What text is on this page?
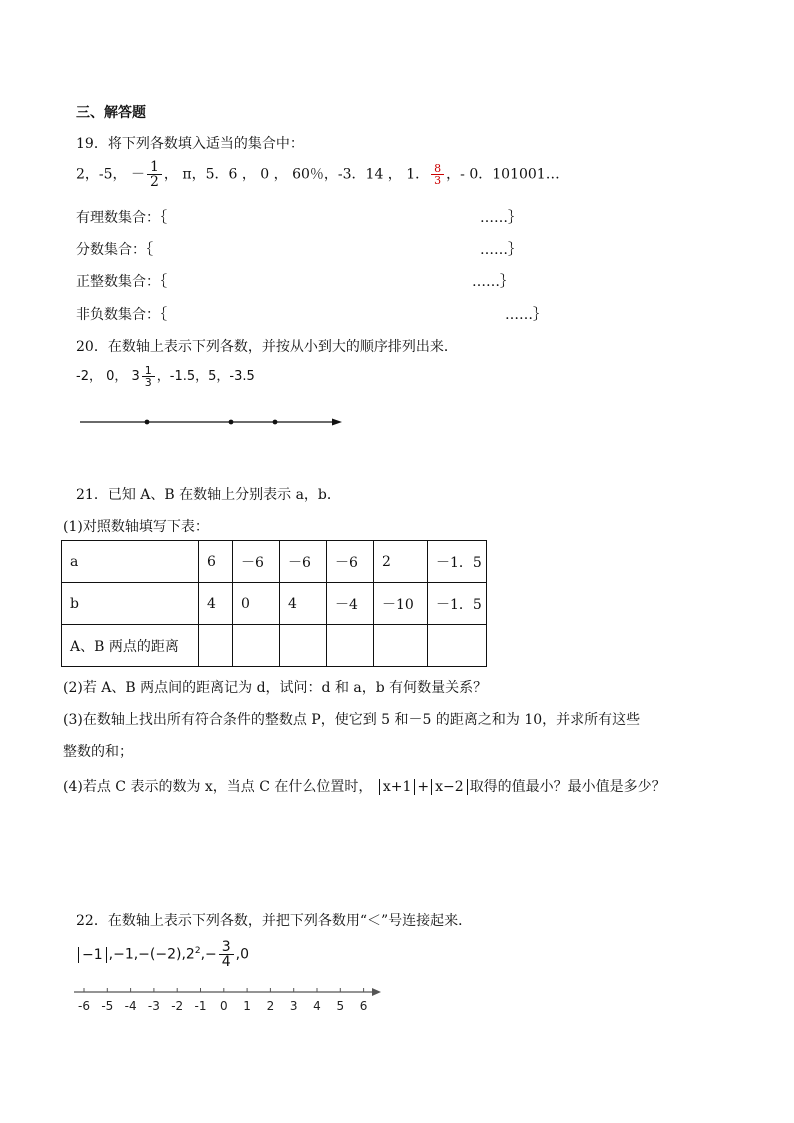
三、解答题
19．将下列各数填入适当的集合中：
2，-5， － $\frac{1}{2}$ ， π，5．6 ， 0 ， 60％，-3．14 ， 1． $\frac{8}{3}$ ，- 0．101001…
有理数集合：｛	……｝
分数集合：｛	……｝
正整数集合：｛	……｝
非负数集合：｛	……｝
20．在数轴上表示下列各数，并按从小到大的顺序排列出来．
-2， 0， $3 \frac{1}{3}$ ，-1.5，5，-3.5
21．已知 A、B 在数轴上分别表示 a，b．
(1)对照数轴填写下表：
a	6	－6	－6	－6	2	－1．5
b	4	0	4	－4	－10	－1．5
A、B 两点的距离						
(2)若 A、B 两点间的距离记为 d，试问：d 和 a，b 有何数量关系？
(3)在数轴上找出所有符合条件的整数点 P，使它到 5 和－5 的距离之和为 10，并求所有这些
整数的和；
(4)若点 C 表示的数为 x，当点 C 在什么位置时， x+1 + x−2 取得的值最小？最小值是多少？
22．在数轴上表示下列各数，并把下列各数用“＜”号连接起来．
−1 $,-1,-(-2),2^2,- \frac{3}{4} ,0$
-6 -5 -4 -3 -2 -1 0 1 2 3 4 5 6
